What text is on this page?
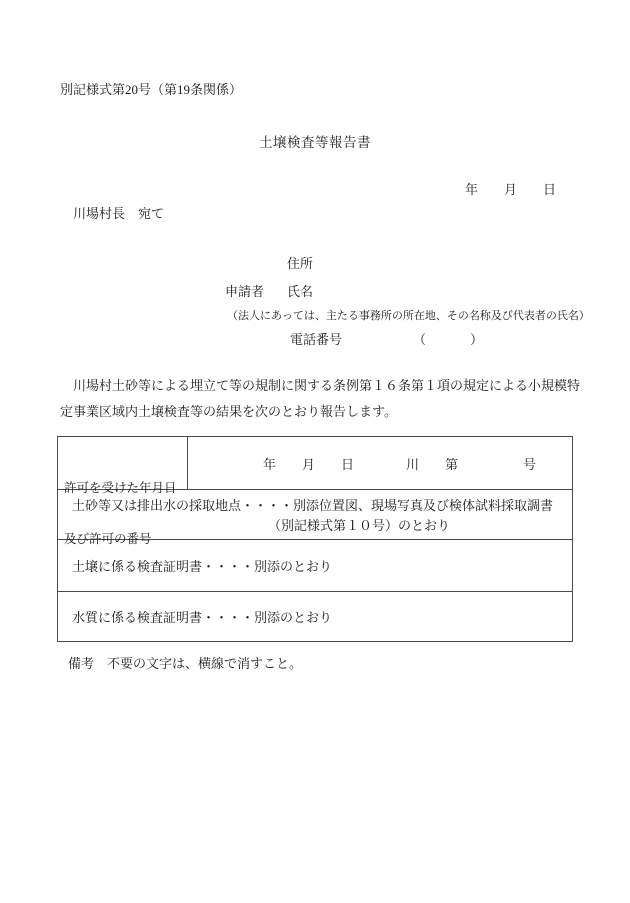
別記様式第20号（第19条関係）
土壌検査等報告書
年　　月　　日
川場村長　宛て
住所
申請者 氏名
（法人にあっては、主たる事務所の所在地、その名称及び代表者の氏名）
電話番号	（	）
　川場村土砂等による埋立て等の規制に関する条例第１６条第１項の規定による小規模特
定事業区域内土壌検査等の結果を次のとおり報告します。

許可を受けた年月日

及び許可の番号

年　　月　　日　　　　川　　第　　　　　号
土砂等又は排出水の採取地点・・・・別添位置図、現場写真及び検体試料採取調書
（別記様式第１０号）のとおり
土壌に係る検査証明書・・・・別添のとおり
水質に係る検査証明書・・・・別添のとおり
備考　不要の文字は、横線で消すこと。
